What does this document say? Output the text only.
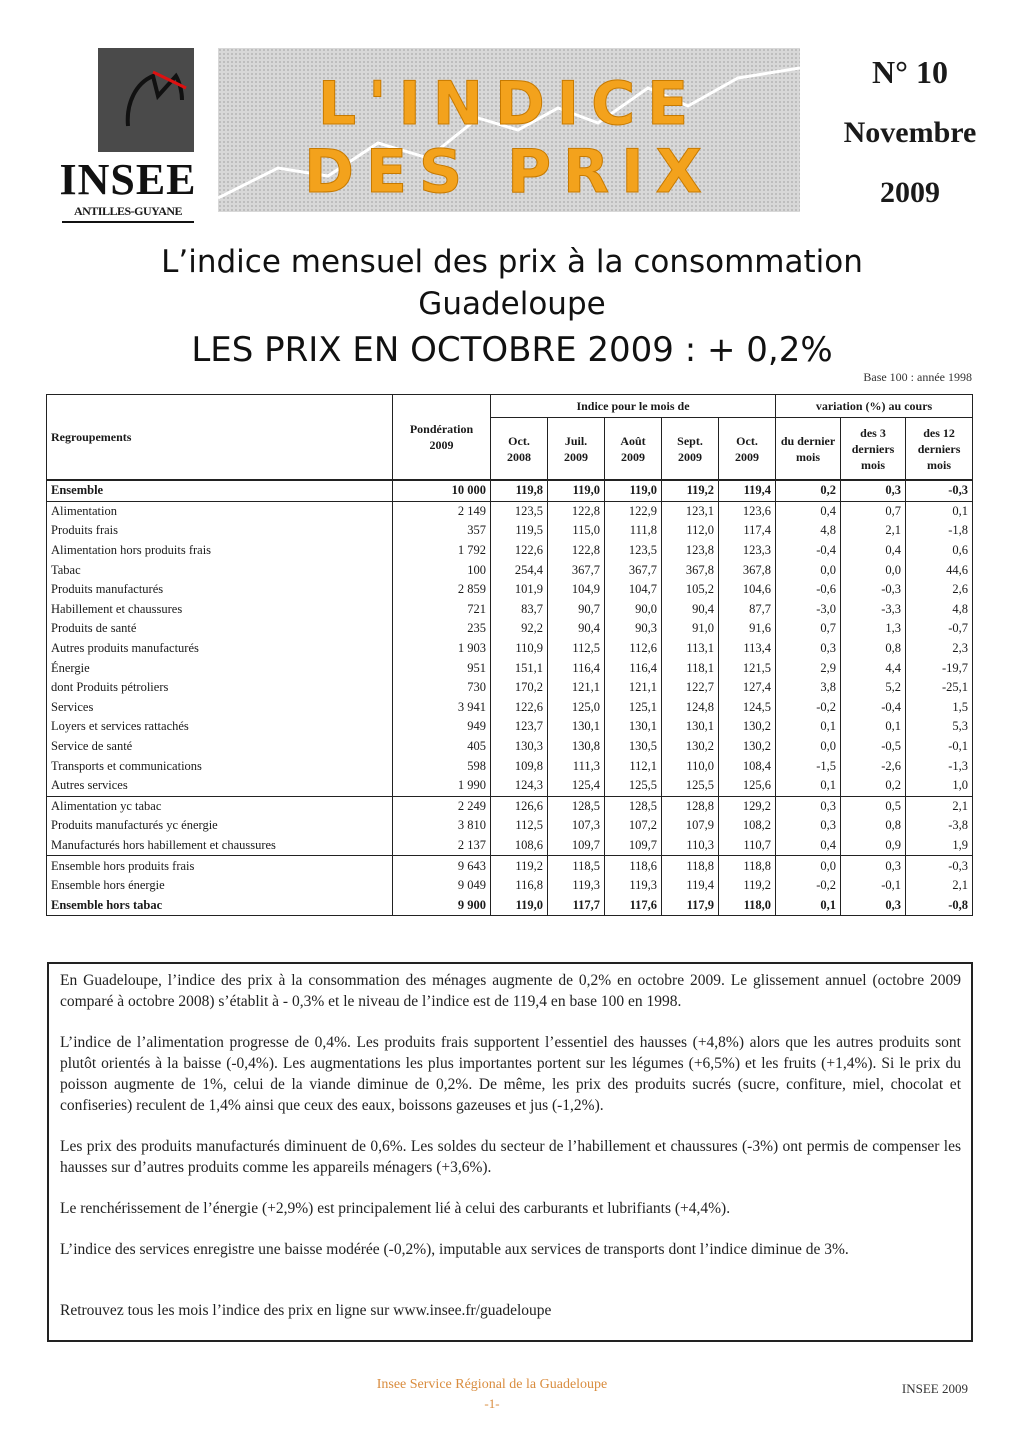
INSEE
ANTILLES-GUYANE
L'INDICE
DES PRIX
N° 10
Novembre
2009
L’indice mensuel des prix à la consommation
Guadeloupe
LES PRIX EN OCTOBRE 2009 : + 0,2%
Base 100 : année 1998
Regroupements	Pondération 2009	Indice pour le mois de					variation (%) au cours		
		Oct. 2008	Juil. 2009	Août 2009	Sept. 2009	Oct. 2009	du dernier mois	des 3 derniers mois	des 12 derniers mois
Ensemble	10 000	119,8	119,0	119,0	119,2	119,4	0,2	0,3	-0,3
Alimentation	2 149	123,5	122,8	122,9	123,1	123,6	0,4	0,7	0,1
Produits frais	357	119,5	115,0	111,8	112,0	117,4	4,8	2,1	-1,8
Alimentation hors produits frais	1 792	122,6	122,8	123,5	123,8	123,3	-0,4	0,4	0,6
Tabac	100	254,4	367,7	367,7	367,8	367,8	0,0	0,0	44,6
Produits manufacturés	2 859	101,9	104,9	104,7	105,2	104,6	-0,6	-0,3	2,6
Habillement et chaussures	721	83,7	90,7	90,0	90,4	87,7	-3,0	-3,3	4,8
Produits de santé	235	92,2	90,4	90,3	91,0	91,6	0,7	1,3	-0,7
Autres produits manufacturés	1 903	110,9	112,5	112,6	113,1	113,4	0,3	0,8	2,3
Énergie	951	151,1	116,4	116,4	118,1	121,5	2,9	4,4	-19,7
dont Produits pétroliers	730	170,2	121,1	121,1	122,7	127,4	3,8	5,2	-25,1
Services	3 941	122,6	125,0	125,1	124,8	124,5	-0,2	-0,4	1,5
Loyers et services rattachés	949	123,7	130,1	130,1	130,1	130,2	0,1	0,1	5,3
Service de santé	405	130,3	130,8	130,5	130,2	130,2	0,0	-0,5	-0,1
Transports et communications	598	109,8	111,3	112,1	110,0	108,4	-1,5	-2,6	-1,3
Autres services	1 990	124,3	125,4	125,5	125,5	125,6	0,1	0,2	1,0
Alimentation yc tabac	2 249	126,6	128,5	128,5	128,8	129,2	0,3	0,5	2,1
Produits manufacturés yc énergie	3 810	112,5	107,3	107,2	107,9	108,2	0,3	0,8	-3,8
Manufacturés hors habillement et chaussures	2 137	108,6	109,7	109,7	110,3	110,7	0,4	0,9	1,9
Ensemble hors produits frais	9 643	119,2	118,5	118,6	118,8	118,8	0,0	0,3	-0,3
Ensemble hors énergie	9 049	116,8	119,3	119,3	119,4	119,2	-0,2	-0,1	2,1
Ensemble hors tabac	9 900	119,0	117,7	117,6	117,9	118,0	0,1	0,3	-0,8

En Guadeloupe, l’indice des prix à la consommation des ménages augmente de 0,2% en octobre 2009. Le glissement annuel (octobre 2009 comparé à octobre 2008) s’établit à - 0,3% et le niveau de l’indice est de 119,4 en base 100 en 1998.

L’indice de l’alimentation progresse de 0,4%. Les produits frais supportent l’essentiel des hausses (+4,8%) alors que les autres produits sont plutôt orientés à la baisse (-0,4%). Les augmentations les plus importantes portent sur les légumes (+6,5%) et les fruits (+1,4%). Si le prix du poisson augmente de 1%, celui de la viande diminue de 0,2%. De même, les prix des produits sucrés (sucre, confiture, miel, chocolat et confiseries) reculent de 1,4% ainsi que ceux des eaux, boissons gazeuses et jus (-1,2%).

Les prix des produits manufacturés diminuent de 0,6%. Les soldes du secteur de l’habillement et chaussures (-3%) ont permis de compenser les hausses sur d’autres produits comme les appareils ménagers (+3,6%).

Le renchérissement de l’énergie (+2,9%) est principalement lié à celui des carburants et lubrifiants (+4,4%).

L’indice des services enregistre une baisse modérée (-0,2%), imputable aux services de transports dont l’indice diminue de 3%.

Retrouvez tous les mois l’indice des prix en ligne sur www.insee.fr/guadeloupe

Insee Service Régional de la Guadeloupe
-1-
INSEE 2009
